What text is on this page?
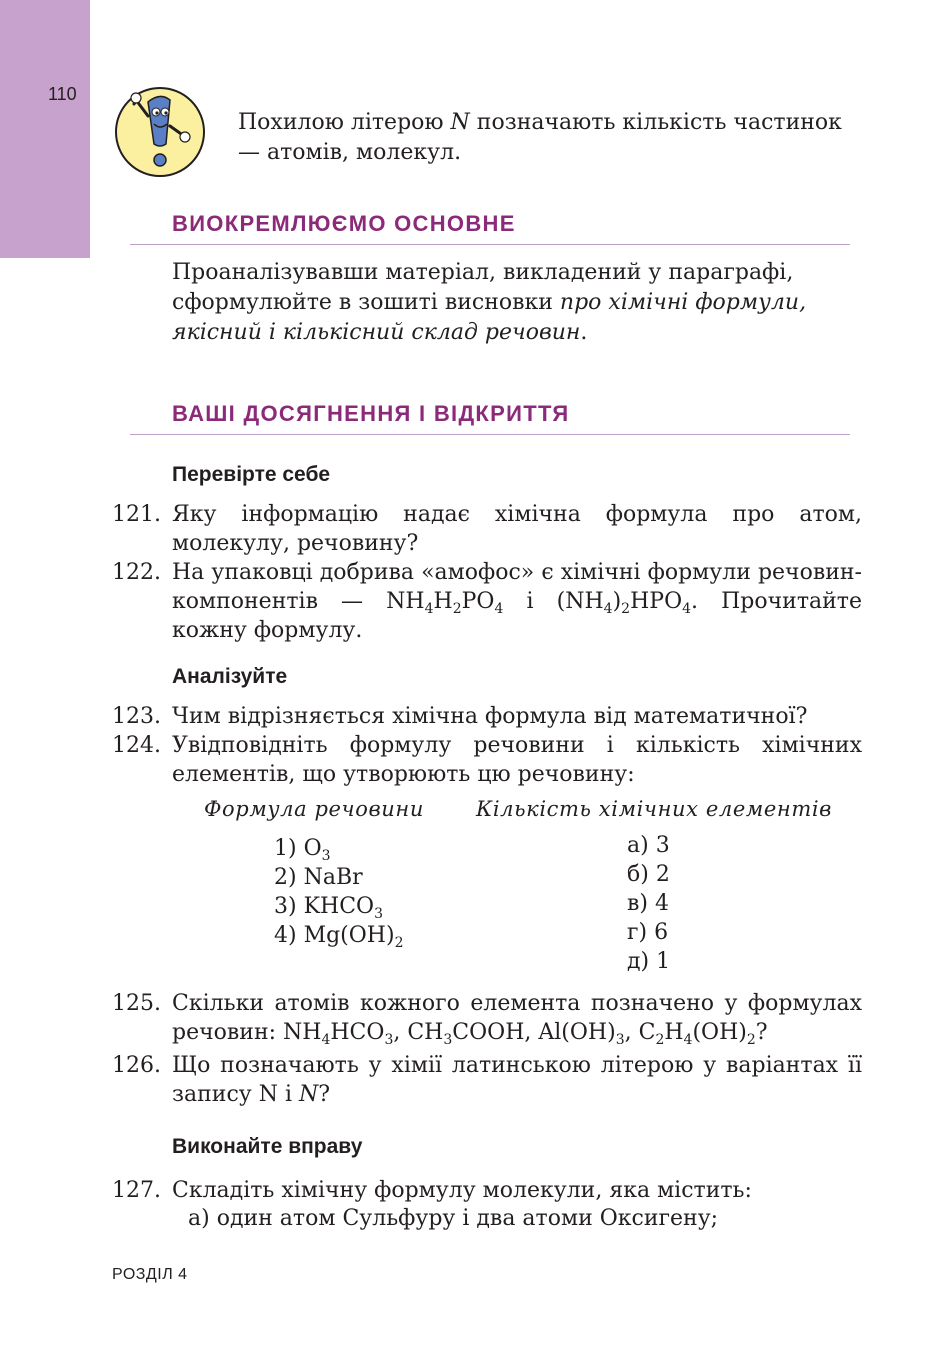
110
Похилою літерою N позначають кількість частинок — атомів, молекул.
ВИОКРЕМЛЮЄМО ОСНОВНЕ
Проаналізувавши матеріал, викладений у параграфі, сформулюйте в зошиті висновки про хімічні формули, якісний і кількісний склад речовин.
ВАШІ ДОСЯГНЕННЯ І ВІДКРИТТЯ
Перевірте себе
121. Яку інформацію надає хімічна формула про атом, молекулу, речовину?
122. На упаковці добрива «амофос» є хімічні формули речовин-компонентів — $NH_4H_2PO_4$ і $(NH_4)_2HPO_4$. Прочитайте кожну формулу.
Аналізуйте
123. Чим відрізняється хімічна формула від математичної?
124. Увідповідніть формулу речовини і кількість хімічних елементів, що утворюють цю речовину:
Формула речовини Кількість хімічних елементів
1) $O_3$
2) NaBr
3) $KHCO_3$
4) $Mg(OH)_2$
а) 3
б) 2
в) 4
г) 6
д) 1
125. Скільки атомів кожного елемента позначено у формулах речовин: $NH_4HCO_3$, $CH_3COOH$, $Al(OH)_3$, $C_2H_4(OH)_2$?
126. Що позначають у хімії латинською літерою у варіантах її запису N і N?
Виконайте вправу
127. Складіть хімічну формулу молекули, яка містить:
а) один атом Сульфуру і два атоми Оксигену;
РОЗДІЛ 4
